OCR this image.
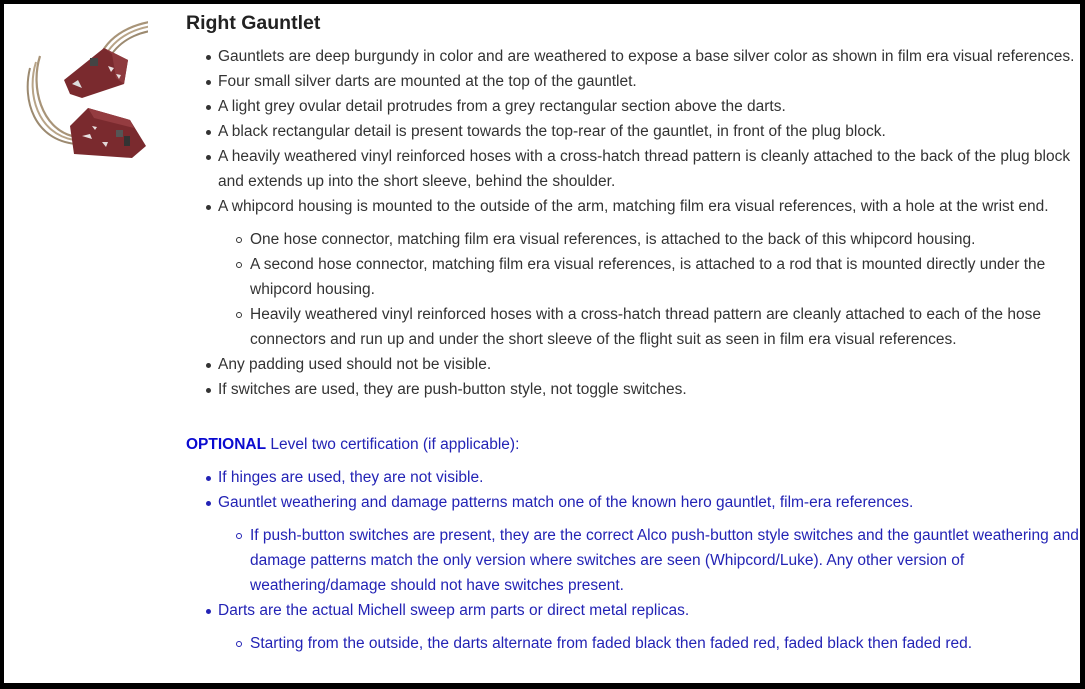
Right Gauntlet
Gauntlets are deep burgundy in color and are weathered to expose a base silver color as shown in film era visual references.
Four small silver darts are mounted at the top of the gauntlet.
A light grey ovular detail protrudes from a grey rectangular section above the darts.
A black rectangular detail is present towards the top-rear of the gauntlet, in front of the plug block.
A heavily weathered vinyl reinforced hoses with a cross-hatch thread pattern is cleanly attached to the back of the plug block and extends up into the short sleeve, behind the shoulder.
A whipcord housing is mounted to the outside of the arm, matching film era visual references, with a hole at the wrist end.
One hose connector, matching film era visual references, is attached to the back of this whipcord housing.
A second hose connector, matching film era visual references, is attached to a rod that is mounted directly under the whipcord housing.
Heavily weathered vinyl reinforced hoses with a cross-hatch thread pattern are cleanly attached to each of the hose connectors and run up and under the short sleeve of the flight suit as seen in film era visual references.
Any padding used should not be visible.
If switches are used, they are push-button style, not toggle switches.

OPTIONAL Level two certification (if applicable):

If hinges are used, they are not visible.
Gauntlet weathering and damage patterns match one of the known hero gauntlet, film-era references.
If push-button switches are present, they are the correct Alco push-button style switches and the gauntlet weathering and damage patterns match the only version where switches are seen (Whipcord/Luke). Any other version of weathering/damage should not have switches present.
Darts are the actual Michell sweep arm parts or direct metal replicas.
Starting from the outside, the darts alternate from faded black then faded red, faded black then faded red.
